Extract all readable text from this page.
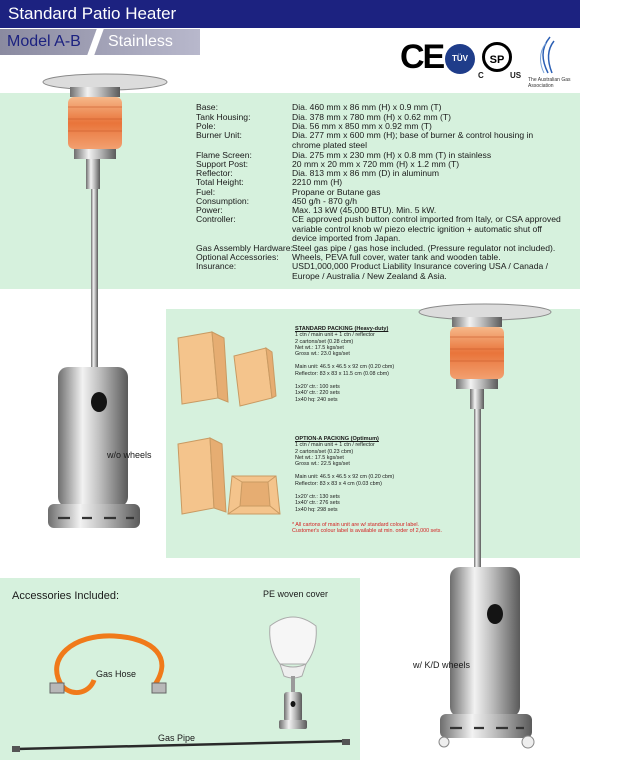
Standard Patio Heater
Model A-B Stainless	CE	TÜV	SP
C	US The Australian Gas Association
w/o wheels
w/ K/D wheels
Base:	Dia. 460 mm x 86 mm (H) x 0.9 mm (T)
Tank Housing:	Dia. 378 mm x 780 mm (H) x 0.62 mm (T)
Pole:	Dia. 56 mm x 850 mm x 0.92 mm (T)
Burner Unit:	Dia. 277 mm x 600 mm (H); base of burner & control housing in chrome plated steel
Flame Screen:	Dia. 275 mm x 230 mm (H) x 0.8 mm (T) in stainless
Support Post:	20 mm x 20 mm x 720 mm (H) x 1.2 mm (T)
Reflector:	Dia. 813 mm x 86 mm (D) in aluminum
Total Height:	2210 mm (H)
Fuel:	Propane or Butane gas
Consumption:	450 g/h - 870 g/h
Power:	Max. 13 kW (45,000 BTU). Min. 5 kW.
Controller:	CE approved push button control imported from Italy, or CSA approved variable control knob w/ piezo electric ignition + automatic shut off device imported from Japan.
Gas Assembly Hardware: Steel gas pipe / gas hose included. (Pressure regulator not included).
Optional Accessories: Wheels, PEVA full cover, water tank and wooden table.
Insurance:	USD1,000,000 Product Liability Insurance covering USA / Canada / Europe / Australia / New Zealand & Asia.
STANDARD PACKING (Heavy-duty)
1 ctn / main unit + 1 ctn / reflector
2 cartons/set (0.28 cbm)
Net wt.: 17.5 kgs/set
Gross wt.: 23.0 kgs/set
Main unit: 46.5 x 46.5 x 92 cm (0.20 cbm)
Reflector: 83 x 83 x 11.5 cm (0.08 cbm)
1x20' ctr.: 100 sets
1x40' ctr.: 220 sets
1x40 hq: 240 sets
OPTION-A PACKING (Optimum)
1 ctn / main unit + 1 ctn / reflector
2 cartons/set (0.23 cbm)
Net wt.: 17.5 kgs/set
Gross wt.: 22.5 kgs/set
Main unit: 46.5 x 46.5 x 92 cm (0.20 cbm)
Reflector: 83 x 83 x 4 cm (0.03 cbm)
1x20' ctr.: 130 sets
1x40' ctr.: 276 sets
1x40 hq: 298 sets
* All cartons of main unit are w/ standard colour label. Customer's colour label is available at min. order of 2,000 sets.
Accessories Included:	PE woven cover
Gas Hose
Gas Pipe
